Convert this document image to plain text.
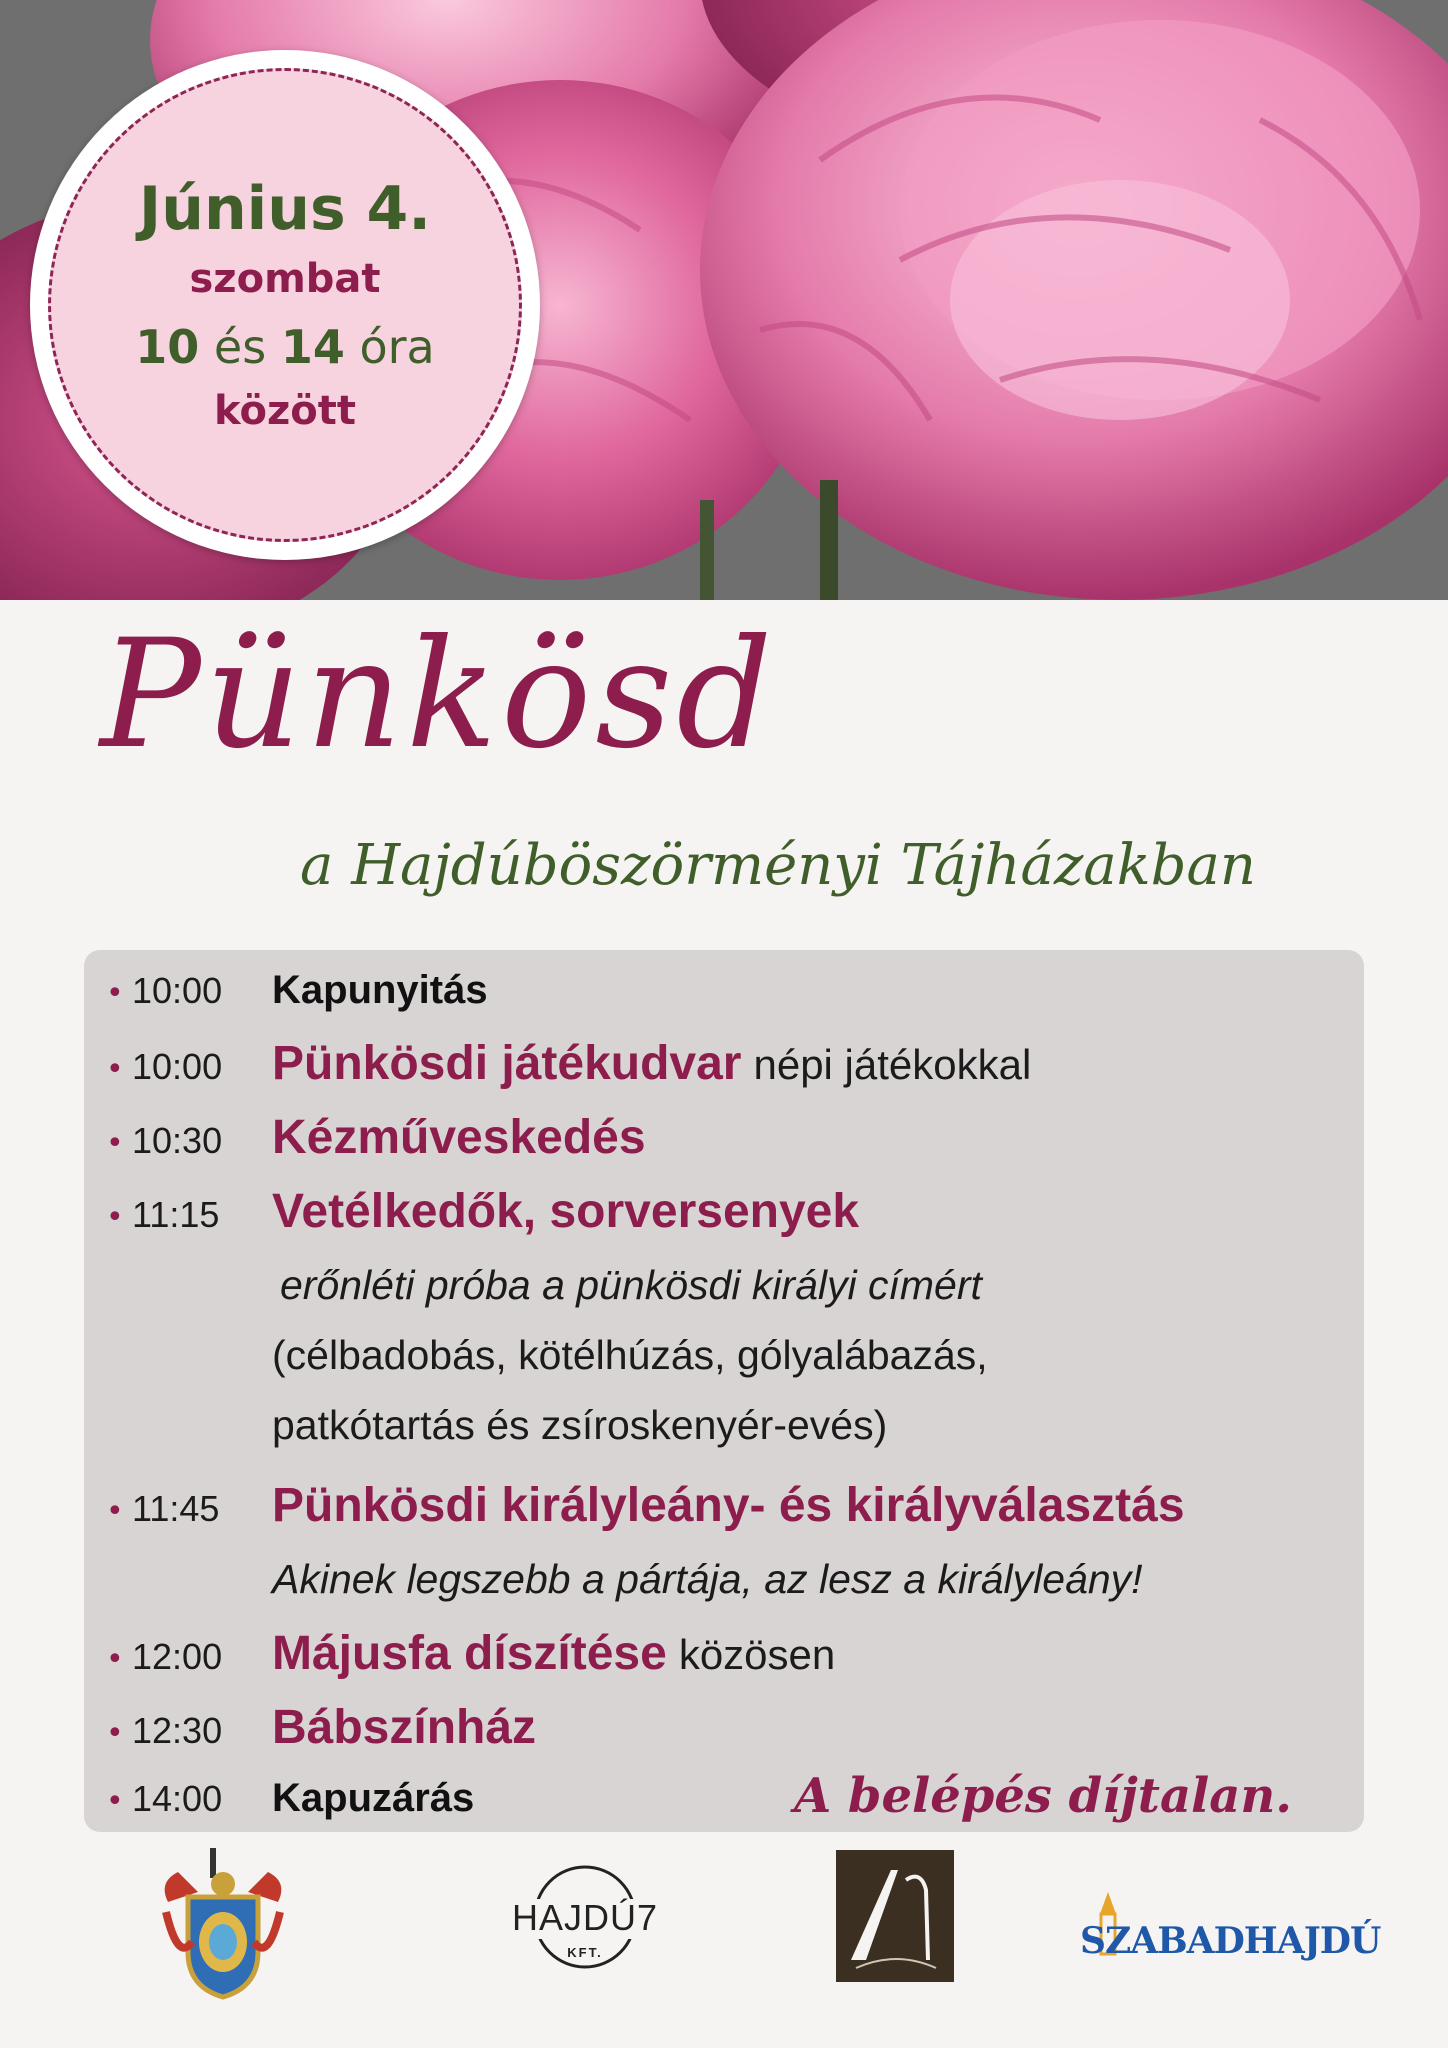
Június 4.
szombat
10 és 14 óra
között
Pünkösd
a Hajdúböszörményi Tájházakban
• 10:00	Kapunyitás
• 10:00	Pünkösdi játékudvar népi játékokkal
• 10:30	Kézműveskedés
• 11:15	Vetélkedők, sorversenyek
erőnléti próba a pünkösdi királyi címért
(célbadobás, kötélhúzás, gólyalábazás,
patkótartás és zsíroskenyér-evés)
• 11:45	Pünkösdi királyleány- és királyválasztás
Akinek legszebb a pártája, az lesz a királyleány!
• 12:00	Májusfa díszítése közösen
• 12:30	Bábszínház
• 14:00	Kapuzárás	A belépés díjtalan.
HAJDÚ7
KFT.	SZABADHAJDÚ
